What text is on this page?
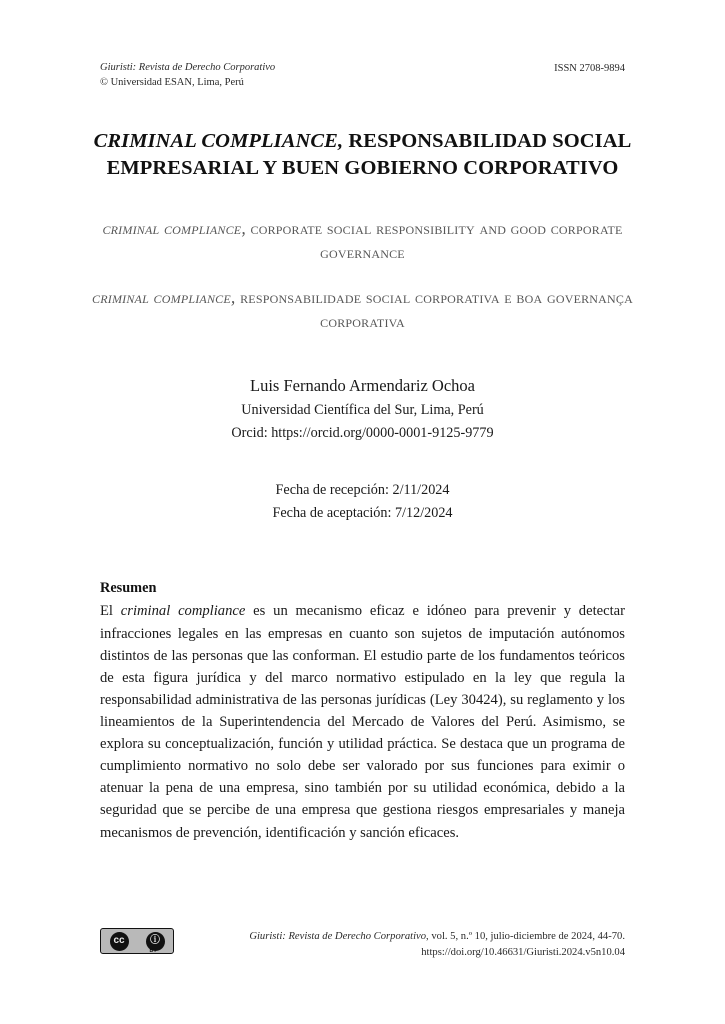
Giuristi: Revista de Derecho Corporativo
© Universidad ESAN, Lima, Perú
ISSN 2708-9894
CRIMINAL COMPLIANCE, RESPONSABILIDAD SOCIAL EMPRESARIAL Y BUEN GOBIERNO CORPORATIVO

criminal compliance, corporate social responsibility and good corporate governance

criminal compliance, responsabilidade social corporativa e boa governança corporativa

Luis Fernando Armendariz Ochoa
Universidad Científica del Sur, Lima, Perú
Orcid: https://orcid.org/0000-0001-9125-9779
Fecha de recepción: 2/11/2024
Fecha de aceptación: 7/12/2024
Resumen

El criminal compliance es un mecanismo eficaz e idóneo para prevenir y detectar infracciones legales en las empresas en cuanto son sujetos de imputación autónomos distintos de las personas que las conforman. El estudio parte de los fundamentos teóricos de esta figura jurídica y del marco normativo estipulado en la ley que regula la responsabilidad administrativa de las personas jurídicas (Ley 30424), su reglamento y los lineamientos de la Superintendencia del Mercado de Valores del Perú. Asimismo, se explora su conceptualización, función y utilidad práctica. Se destaca que un programa de cumplimiento normativo no solo debe ser valorado por sus funciones para eximir o atenuar la pena de una empresa, sino también por su utilidad económica, debido a la seguridad que se percibe de una empresa que gestiona riesgos empresariales y maneja mecanismos de prevención, identificación y sanción eficaces.

cc	ⓘ
BY
Giuristi: Revista de Derecho Corporativo, vol. 5, n.º 10, julio-diciembre de 2024, 44-70.
https://doi.org/10.46631/Giuristi.2024.v5n10.04
